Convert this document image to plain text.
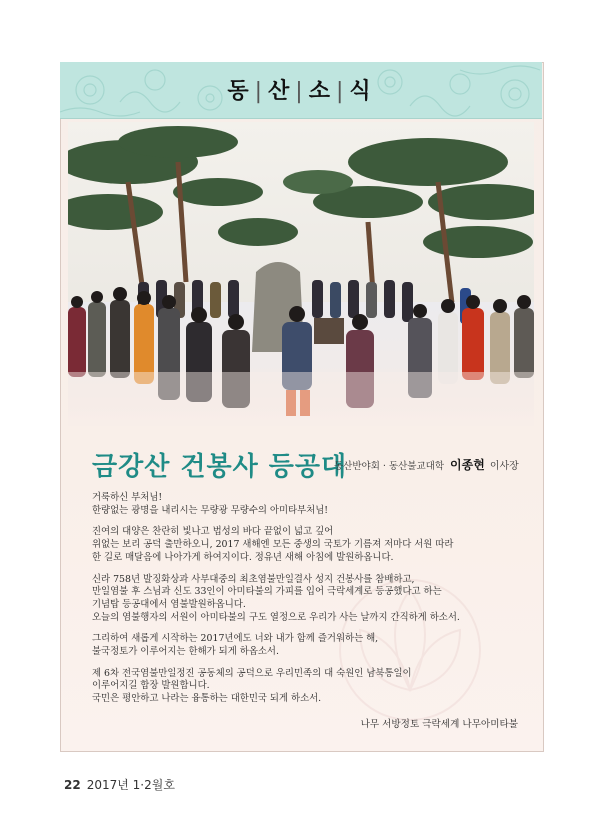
동 | 산 | 소 | 식
금강산 건봉사 등공대
동산반야회 · 동산불교대학 이종현 이사장
거룩하신 부처님!
한량없는 광명을 내리시는 무량광 무량수의 아미타부처님!
진여의 대양은 찬란히 빛나고 법성의 바다 끝없이 넓고 깊어
위없는 보리 공덕 출만하오니, 2017 새해엔 모든 중생의 국토가 기름져 저마다 서원 따라
한 길로 매달음에 나아가게 하여지이다. 정유년 새해 아침에 발원하옵니다.
신라 758년 발징화상과 사부대중의 최초염불만일결사 성지 건봉사를 참배하고,
만일염불 후 스님과 신도 33인이 아미타불의 가피를 입어 극락세계로 등공했다고 하는
기념탑 등공대에서 염불발원하옵니다.
오늘의 염불행자의 서원이 아미타불의 구도 열정으로 우리가 사는 날까지 간직하게 하소서.
그리하여 새롭게 시작하는 2017년에도 너와 내가 함께 즐거워하는 해,
불국정토가 이루어지는 한해가 되게 하옵소서.
제 6차 전국염불만일정진 공동체의 공덕으로 우리민족의 대 숙원인 남북통일이
이루어지길 합장 발원합니다.
국민은 평안하고 나라는 융통하는 대한민국 되게 하소서.
나무 서방정토 극락세계 나무아미타불
22 2017년 1·2월호
